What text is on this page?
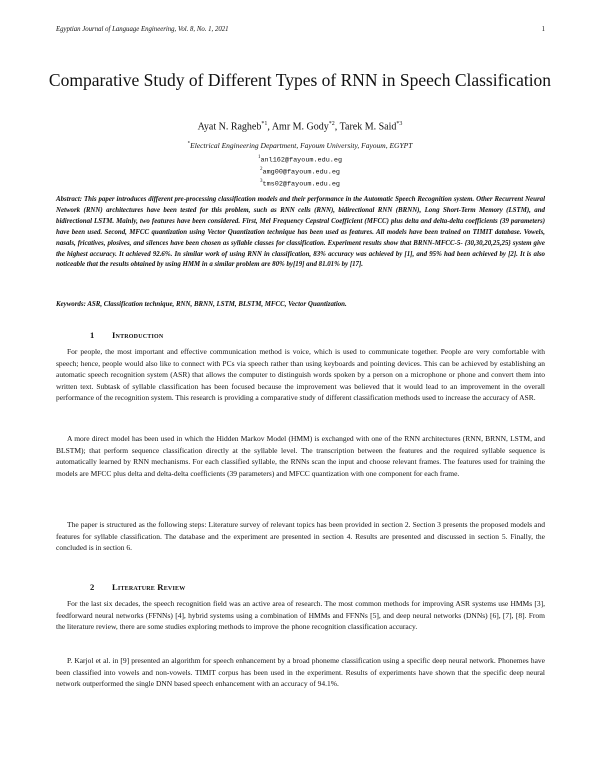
Egyptian Journal of Language Engineering, Vol. 8, No. 1, 2021	1
Comparative Study of Different Types of RNN in Speech Classification
Ayat N. Ragheb$^{*1}$, Amr M. Gody$^{*2}$, Tarek M. Said$^{*3}$
*Electrical Engineering Department, Fayoum University, Fayoum, EGYPT
$^1$anl162@fayoum.edu.eg
$^2$amg00@fayoum.edu.eg
$^3$tms02@fayoum.edu.eg
Abstract: This paper introduces different pre-processing classification models and their performance in the Automatic Speech Recognition system. Other Recurrent Neural Network (RNN) architectures have been tested for this problem, such as RNN cells (RNN), bidirectional RNN (BRNN), Long Short-Term Memory (LSTM), and bidirectional LSTM. Mainly, two features have been considered. First, Mel Frequency Cepstral Coefficient (MFCC) plus delta and delta-delta coefficients (39 parameters) have been used. Second, MFCC quantization using Vector Quantization technique has been used as features. All models have been trained on TIMIT database. Vowels, nasals, fricatives, plosives, and silences have been chosen as syllable classes for classification. Experiment results show that BRNN-MFCC-5- {30,30,20,25,25} system give the highest accuracy. It achieved 92.6%. In similar work of using RNN in classification, 83% accuracy was achieved by [1], and 95% had been achieved by [2]. It is also noticeable that the results obtained by using HMM in a similar problem are 80% by[19] and 81.01% by [17].
Keywords: ASR, Classification technique, RNN, BRNN, LSTM, BLSTM, MFCC, Vector Quantization.
1 Introduction
For people, the most important and effective communication method is voice, which is used to communicate together. People are very comfortable with speech; hence, people would also like to connect with PCs via speech rather than using keyboards and pointing devices. This can be achieved by establishing an automatic speech recognition system (ASR) that allows the computer to distinguish words spoken by a person on a microphone or phone and convert them into written text. Subtask of syllable classification has been focused because the improvement was believed that it would lead to an improvement in the overall performance of the recognition system. This research is providing a comparative study of different classification methods used to increase the accuracy of ASR.
A more direct model has been used in which the Hidden Markov Model (HMM) is exchanged with one of the RNN architectures (RNN, BRNN, LSTM, and BLSTM); that perform sequence classification directly at the syllable level. The transcription between the features and the required syllable sequence is automatically learned by RNN mechanisms. For each classified syllable, the RNNs scan the input and choose relevant frames. The features used for training the models are MFCC plus delta and delta-delta coefficients (39 parameters) and MFCC quantization with one component for each frame.
The paper is structured as the following steps: Literature survey of relevant topics has been provided in section 2. Section 3 presents the proposed models and features for syllable classification. The database and the experiment are presented in section 4. Results are presented and discussed in section 5. Finally, the concluded is in section 6.
2 Literature Review
For the last six decades, the speech recognition field was an active area of research. The most common methods for improving ASR systems use HMMs [3], feedforward neural networks (FFNNs) [4], hybrid systems using a combination of HMMs and FFNNs [5], and deep neural networks (DNNs) [6], [7], [8]. From the literature review, there are some studies exploring methods to improve the phone recognition classification accuracy.
P. Karjol et al. in [9] presented an algorithm for speech enhancement by a broad phoneme classification using a specific deep neural network. Phonemes have been classified into vowels and non-vowels. TIMIT corpus has been used in the experiment. Results of experiments have shown that the specific deep neural network outperformed the single DNN based speech enhancement with an accuracy of 94.1%.
